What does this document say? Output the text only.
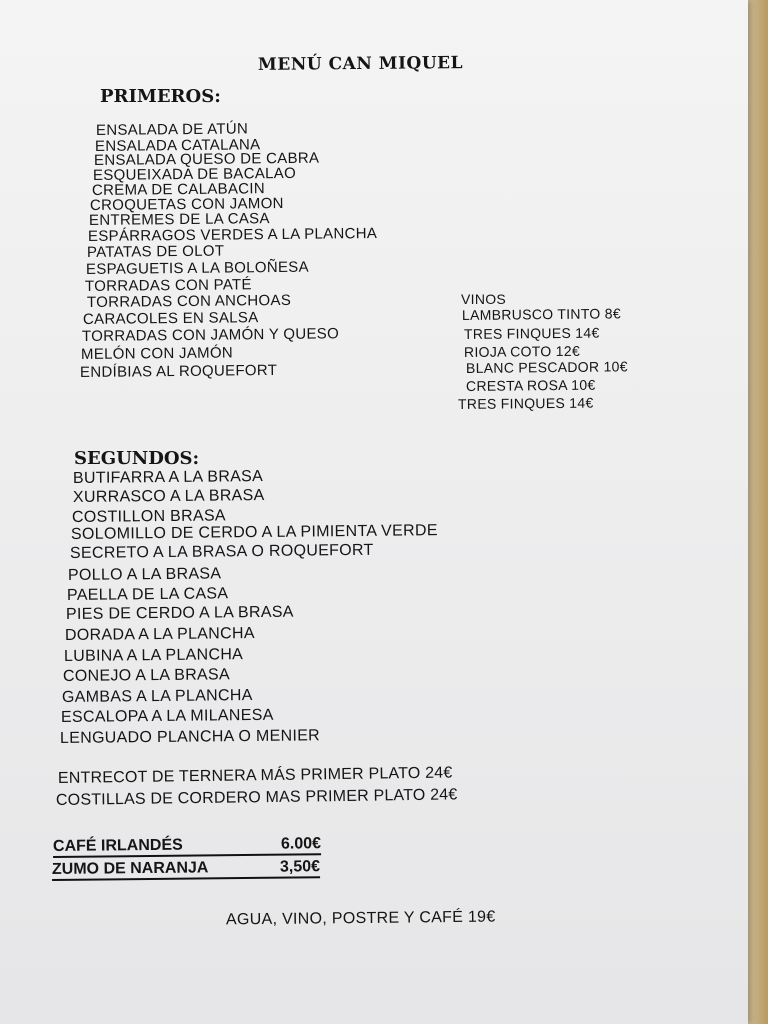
MENÚ CAN MIQUEL
PRIMEROS:
ENSALADA DE ATÚN
ENSALADA CATALANA
ENSALADA QUESO DE CABRA
ESQUEIXADA DE BACALAO
CREMA DE CALABACIN
CROQUETAS CON JAMON
ENTREMES DE LA CASA
ESPÁRRAGOS VERDES A LA PLANCHA
PATATAS DE OLOT
ESPAGUETIS A LA BOLOÑESA
TORRADAS CON PATÉ
TORRADAS CON ANCHOAS
CARACOLES EN SALSA
TORRADAS CON JAMÓN Y QUESO
MELÓN CON JAMÓN
ENDÍBIAS AL ROQUEFORT
VINOS
LAMBRUSCO TINTO 8€
TRES FINQUES 14€
RIOJA COTO 12€
BLANC PESCADOR 10€
CRESTA ROSA 10€
TRES FINQUES 14€
SEGUNDOS:
BUTIFARRA A LA BRASA
XURRASCO A LA BRASA
COSTILLON BRASA
SOLOMILLO DE CERDO A LA PIMIENTA VERDE
SECRETO A LA BRASA O ROQUEFORT
POLLO A LA BRASA
PAELLA DE LA CASA
PIES DE CERDO A LA BRASA
DORADA A LA PLANCHA
LUBINA A LA PLANCHA
CONEJO A LA BRASA
GAMBAS A LA PLANCHA
ESCALOPA A LA MILANESA
LENGUADO PLANCHA O MENIER
ENTRECOT DE TERNERA MÁS PRIMER PLATO 24€
COSTILLAS DE CORDERO MAS PRIMER PLATO 24€
CAFÉ IRLANDÉS	6.00€
ZUMO DE NARANJA	3,50€
AGUA, VINO, POSTRE Y CAFÉ 19€
